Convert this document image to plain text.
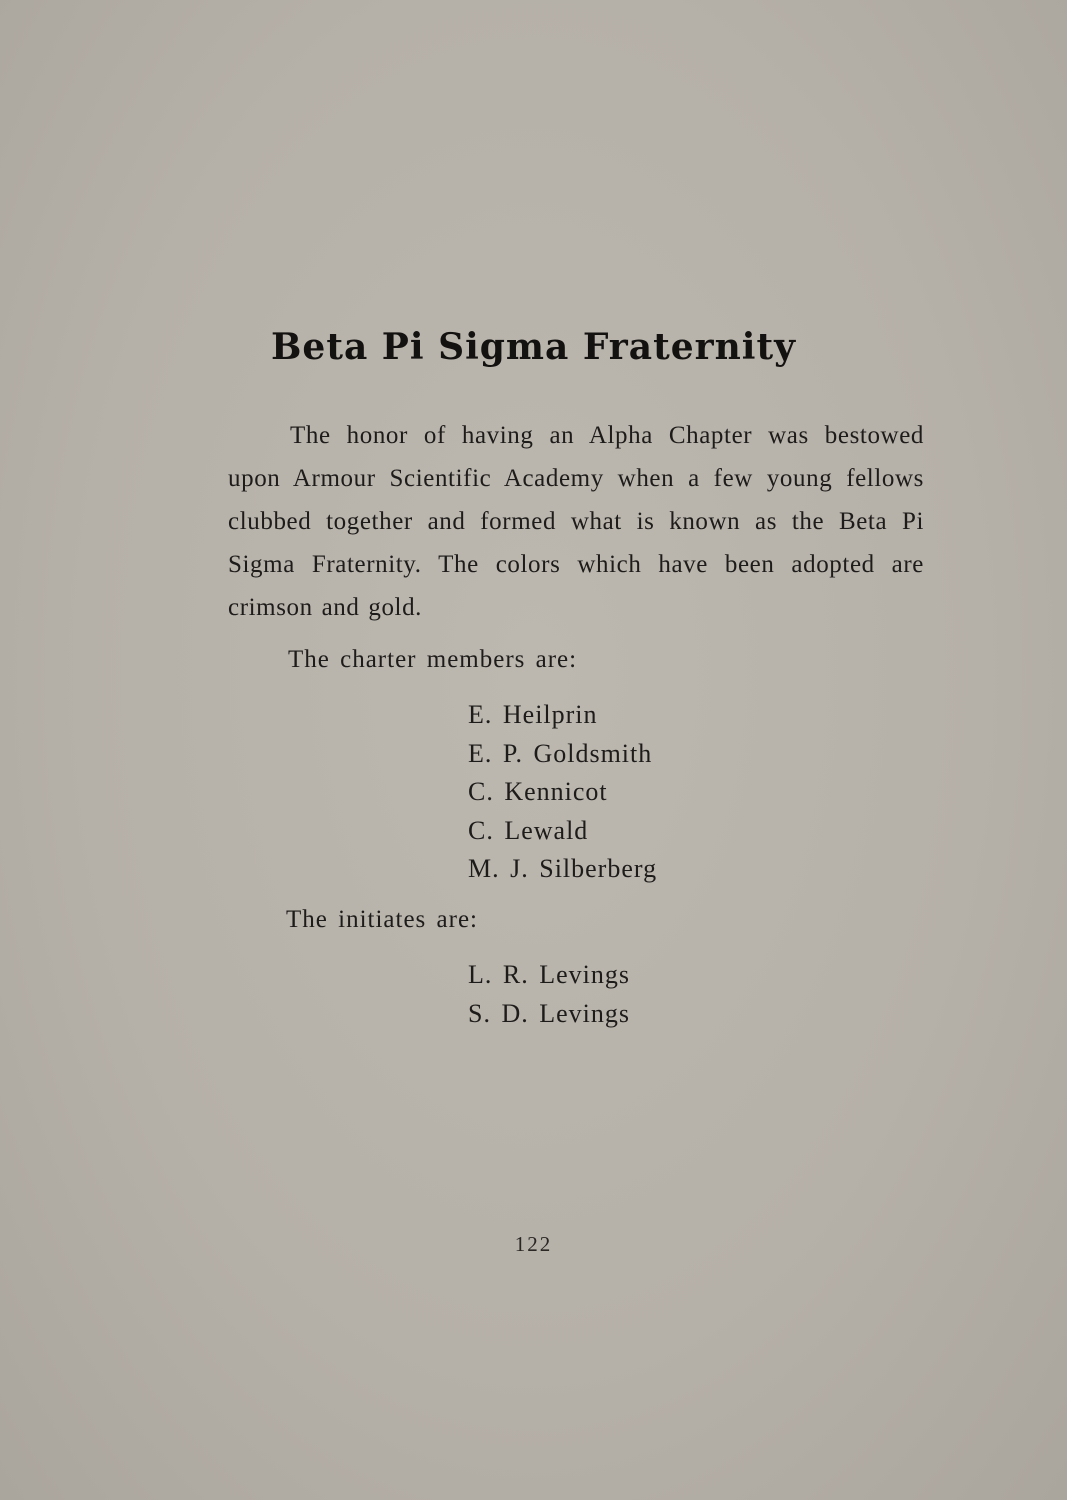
Beta Pi Sigma Fraternity

The honor of having an Alpha Chapter was bestowed upon Armour Scientific Academy when a few young fellows clubbed together and formed what is known as the Beta Pi Sigma Fraternity. The colors which have been adopted are crimson and gold.

The charter members are:

E. Heilprin
E. P. Goldsmith
C. Kennicot
C. Lewald
M. J. Silberberg

The initiates are:

L. R. Levings
S. D. Levings

122
